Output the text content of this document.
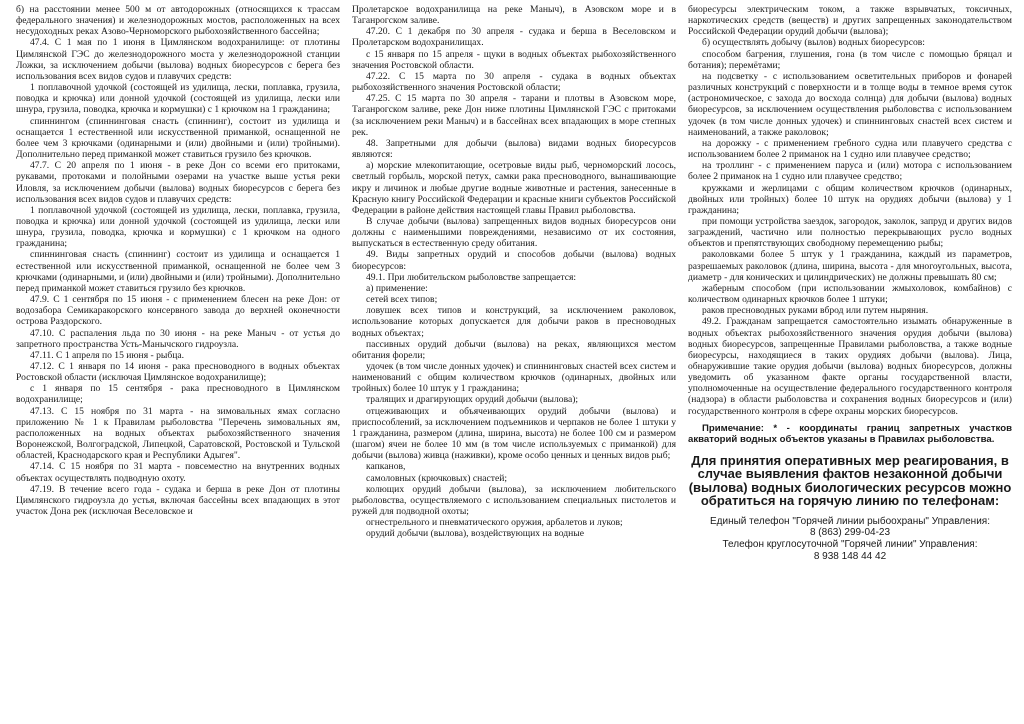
б) на расстоянии менее 500 м от автодорожных (относящихся к трассам федерального значения) и железнодорожных мостов, расположенных на всех несудоходных реках Азово-Черноморского рыбохозяйственного бассейна;

47.4. С 1 мая по 1 июня в Цимлянском водохранилище: от плотины Цимлянской ГЭС до железнодорожного моста у железнодорожной станции Ложки, за исключением добычи (вылова) водных биоресурсов с берега без использования всех видов судов и плавучих средств:

1 поплавочной удочкой (состоящей из удилища, лески, поплавка, грузила, поводка и крючка) или донной удочкой (состоящей из удилища, лески или шнура, грузила, поводка, крючка и кормушки) с 1 крючком на 1 гражданина;

спиннингом (спиннинговая снасть (спиннинг), состоит из удилища и оснащается 1 естественной или искусственной приманкой, оснащенной не более чем 3 крючками (одинарными и (или) двойными и (или) тройными). Дополнительно перед приманкой может ставиться грузило без крючков.

47.7. С 20 апреля по 1 июня - в реке Дон со всеми его притоками, рукавами, протоками и полойными озерами на участке выше устья реки Иловля, за исключением добычи (вылова) водных биоресурсов с берега без использования всех видов судов и плавучих средств:

1 поплавочной удочкой (состоящей из удилища, лески, поплавка, грузила, поводка и крючка) или донной удочкой (состоящей из удилища, лески или шнура, грузила, поводка, крючка и кормушки) с 1 крючком на одного гражданина;

спиннинговая снасть (спиннинг) состоит из удилища и оснащается 1 естественной или искусственной приманкой, оснащенной не более чем 3 крючками (одинарными, и (или) двойными и (или) тройными). Дополнительно перед приманкой может ставиться грузило без крючков.

47.9. С 1 сентября по 15 июня - с применением блесен на реке Дон: от водозабора Семикаракорского консервного завода до верхней оконечности острова Раздорского.

47.10. С распаления льда по 30 июня - на реке Маныч - от устья до запретного пространства Усть-Манычского гидроузла.

47.11. С 1 апреля по 15 июня - рыбца.

47.12. С 1 января по 14 июня - рака пресноводного в водных объектах Ростовской области (исключая Цимлянское водохранилище);

с 1 января по 15 сентября - рака пресноводного в Цимлянском водохранилище;

47.13. С 15 ноября по 31 марта - на зимовальных ямах согласно приложению № 1 к Правилам рыболовства "Перечень зимовальных ям, расположенных на водных объектах рыбохозяйственного значения Воронежской, Волгоградской, Липецкой, Саратовской, Ростовской и Тульской областей, Краснодарского края и Республики Адыгея".

47.14. С 15 ноября по 31 марта - повсеместно на внутренних водных объектах осуществлять подводную охоту.

47.19. В течение всего года - судака и берша в реке Дон от плотины Цимлянского гидроузла до устья, включая бассейны всех впадающих в этот участок Дона рек (исключая Веселовское и

Пролетарское водохранилища на реке Маныч), в Азовском море и в Таганрогском заливе.

47.20. С 1 декабря по 30 апреля - судака и берша в Веселовском и Пролетарском водохранилищах.

с 15 января по 15 апреля - щуки в водных объектах рыбохозяйственного значения Ростовской области.

47.22. С 15 марта по 30 апреля - судака в водных объектах рыбохозяйственного значения Ростовской области;

47.25. С 15 марта по 30 апреля - тарани и плотвы в Азовском море, Таганрогском заливе, реке Дон ниже плотины Цимлянской ГЭС с притоками (за исключением реки Маныч) и в бассейнах всех впадающих в море степных рек.

48. Запретными для добычи (вылова) видами водных биоресурсов являются:

а) морские млекопитающие, осетровые виды рыб, черноморский лосось, светлый горбыль, морской петух, самки рака пресноводного, вынашивающие икру и личинок и любые другие водные животные и растения, занесенные в Красную книгу Российской Федерации и красные книги субъектов Российской Федерации в районе действия настоящей главы Правил рыболовства.

В случае добычи (вылова) запрещенных видов водных биоресурсов они должны с наименьшими повреждениями, независимо от их состояния, выпускаться в естественную среду обитания.

49. Виды запретных орудий и способов добычи (вылова) водных биоресурсов:

49.1. При любительском рыболовстве запрещается:

а) применение:

сетей всех типов;

ловушек всех типов и конструкций, за исключением раколовок, использование которых допускается для добычи раков в пресноводных водных объектах;

пассивных орудий добычи (вылова) на реках, являющихся местом обитания форели;

удочек (в том числе донных удочек) и спиннинговых снастей всех систем и наименований с общим количеством крючков (одинарных, двойных или тройных) более 10 штук у 1 гражданина;

тралящих и драгирующих орудий добычи (вылова);

отцеживающих и объячеивающих орудий добычи (вылова) и приспособлений, за исключением подъемников и черпаков не более 1 штуки у 1 гражданина, размером (длина, ширина, высота) не более 100 см и размером (шагом) ячеи не более 10 мм (в том числе используемых с приманкой) для добычи (вылова) живца (наживки), кроме особо ценных и ценных видов рыб;

капканов,

самоловных (крючковых) снастей;

колющих орудий добычи (вылова), за исключением любительского рыболовства, осуществляемого с использованием специальных пистолетов и ружей для подводной охоты;

огнестрельного и пневматического оружия, арбалетов и луков;

орудий добычи (вылова), воздействующих на водные

биоресурсы электрическим током, а также взрывчатых, токсичных, наркотических средств (веществ) и других запрещенных законодательством Российской Федерации орудий добычи (вылова);

б) осуществлять добычу (вылов) водных биоресурсов:

способом багрения, глушения, гона (в том числе с помощью бряцал и ботания); перемётами;

на подсветку - с использованием осветительных приборов и фонарей различных конструкций с поверхности и в толще воды в темное время суток (астрономическое, с захода до восхода солнца) для добычи (вылова) водных биоресурсов, за исключением осуществления рыболовства с использованием удочек (в том числе донных удочек) и спиннинговых снастей всех систем и наименований, а также раколовок;

на дорожку - с применением гребного судна или плавучего средства с использованием более 2 приманок на 1 судно или плавучее средство;

на троллинг - с применением паруса и (или) мотора с использованием более 2 приманок на 1 судно или плавучее средство;

кружками и жерлицами с общим количеством крючков (одинарных, двойных или тройных) более 10 штук на орудиях добычи (вылова) у 1 гражданина;

при помощи устройства заездок, загородок, заколок, запруд и других видов заграждений, частично или полностью перекрывающих русло водных объектов и препятствующих свободному перемещению рыбы;

раколовками более 5 штук у 1 гражданина, каждый из параметров, разрешаемых раколовок (длина, ширина, высота - для многоугольных, высота, диаметр - для конических и цилиндрических) не должны превышать 80 см;

жаберным способом (при использовании жмыхоловок, комбайнов) с количеством одинарных крючков более 1 штуки;

раков пресноводных руками вброд или путем ныряния.

49.2. Гражданам запрещается самостоятельно изымать обнаруженные в водных объектах рыбохозяйственного значения орудия добычи (вылова) водных биоресурсов, запрещенные Правилами рыболовства, а также водные биоресурсы, находящиеся в таких орудиях добычи (вылова). Лица, обнаружившие такие орудия добычи (вылова) водных биоресурсов, должны уведомить об указанном факте органы государственной власти, уполномоченные на осуществление федерального государственного контроля (надзора) в области рыболовства и сохранения водных биоресурсов и (или) государственного контроля в сфере охраны морских биоресурсов.

Примечание: * - координаты границ запретных участков акваторий водных объектов указаны в Правилах рыболовства.
Для принятия оперативных мер реагирования, в случае выявления фактов незаконной добычи (вылова) водных биологических ресурсов можно обратиться на горячую линию по телефонам:
Единый телефон "Горячей линии рыбоохраны" Управления:
8 (863) 299-04-23
Телефон круглосуточной "Горячей линии" Управления:
8 938 148 44 42
